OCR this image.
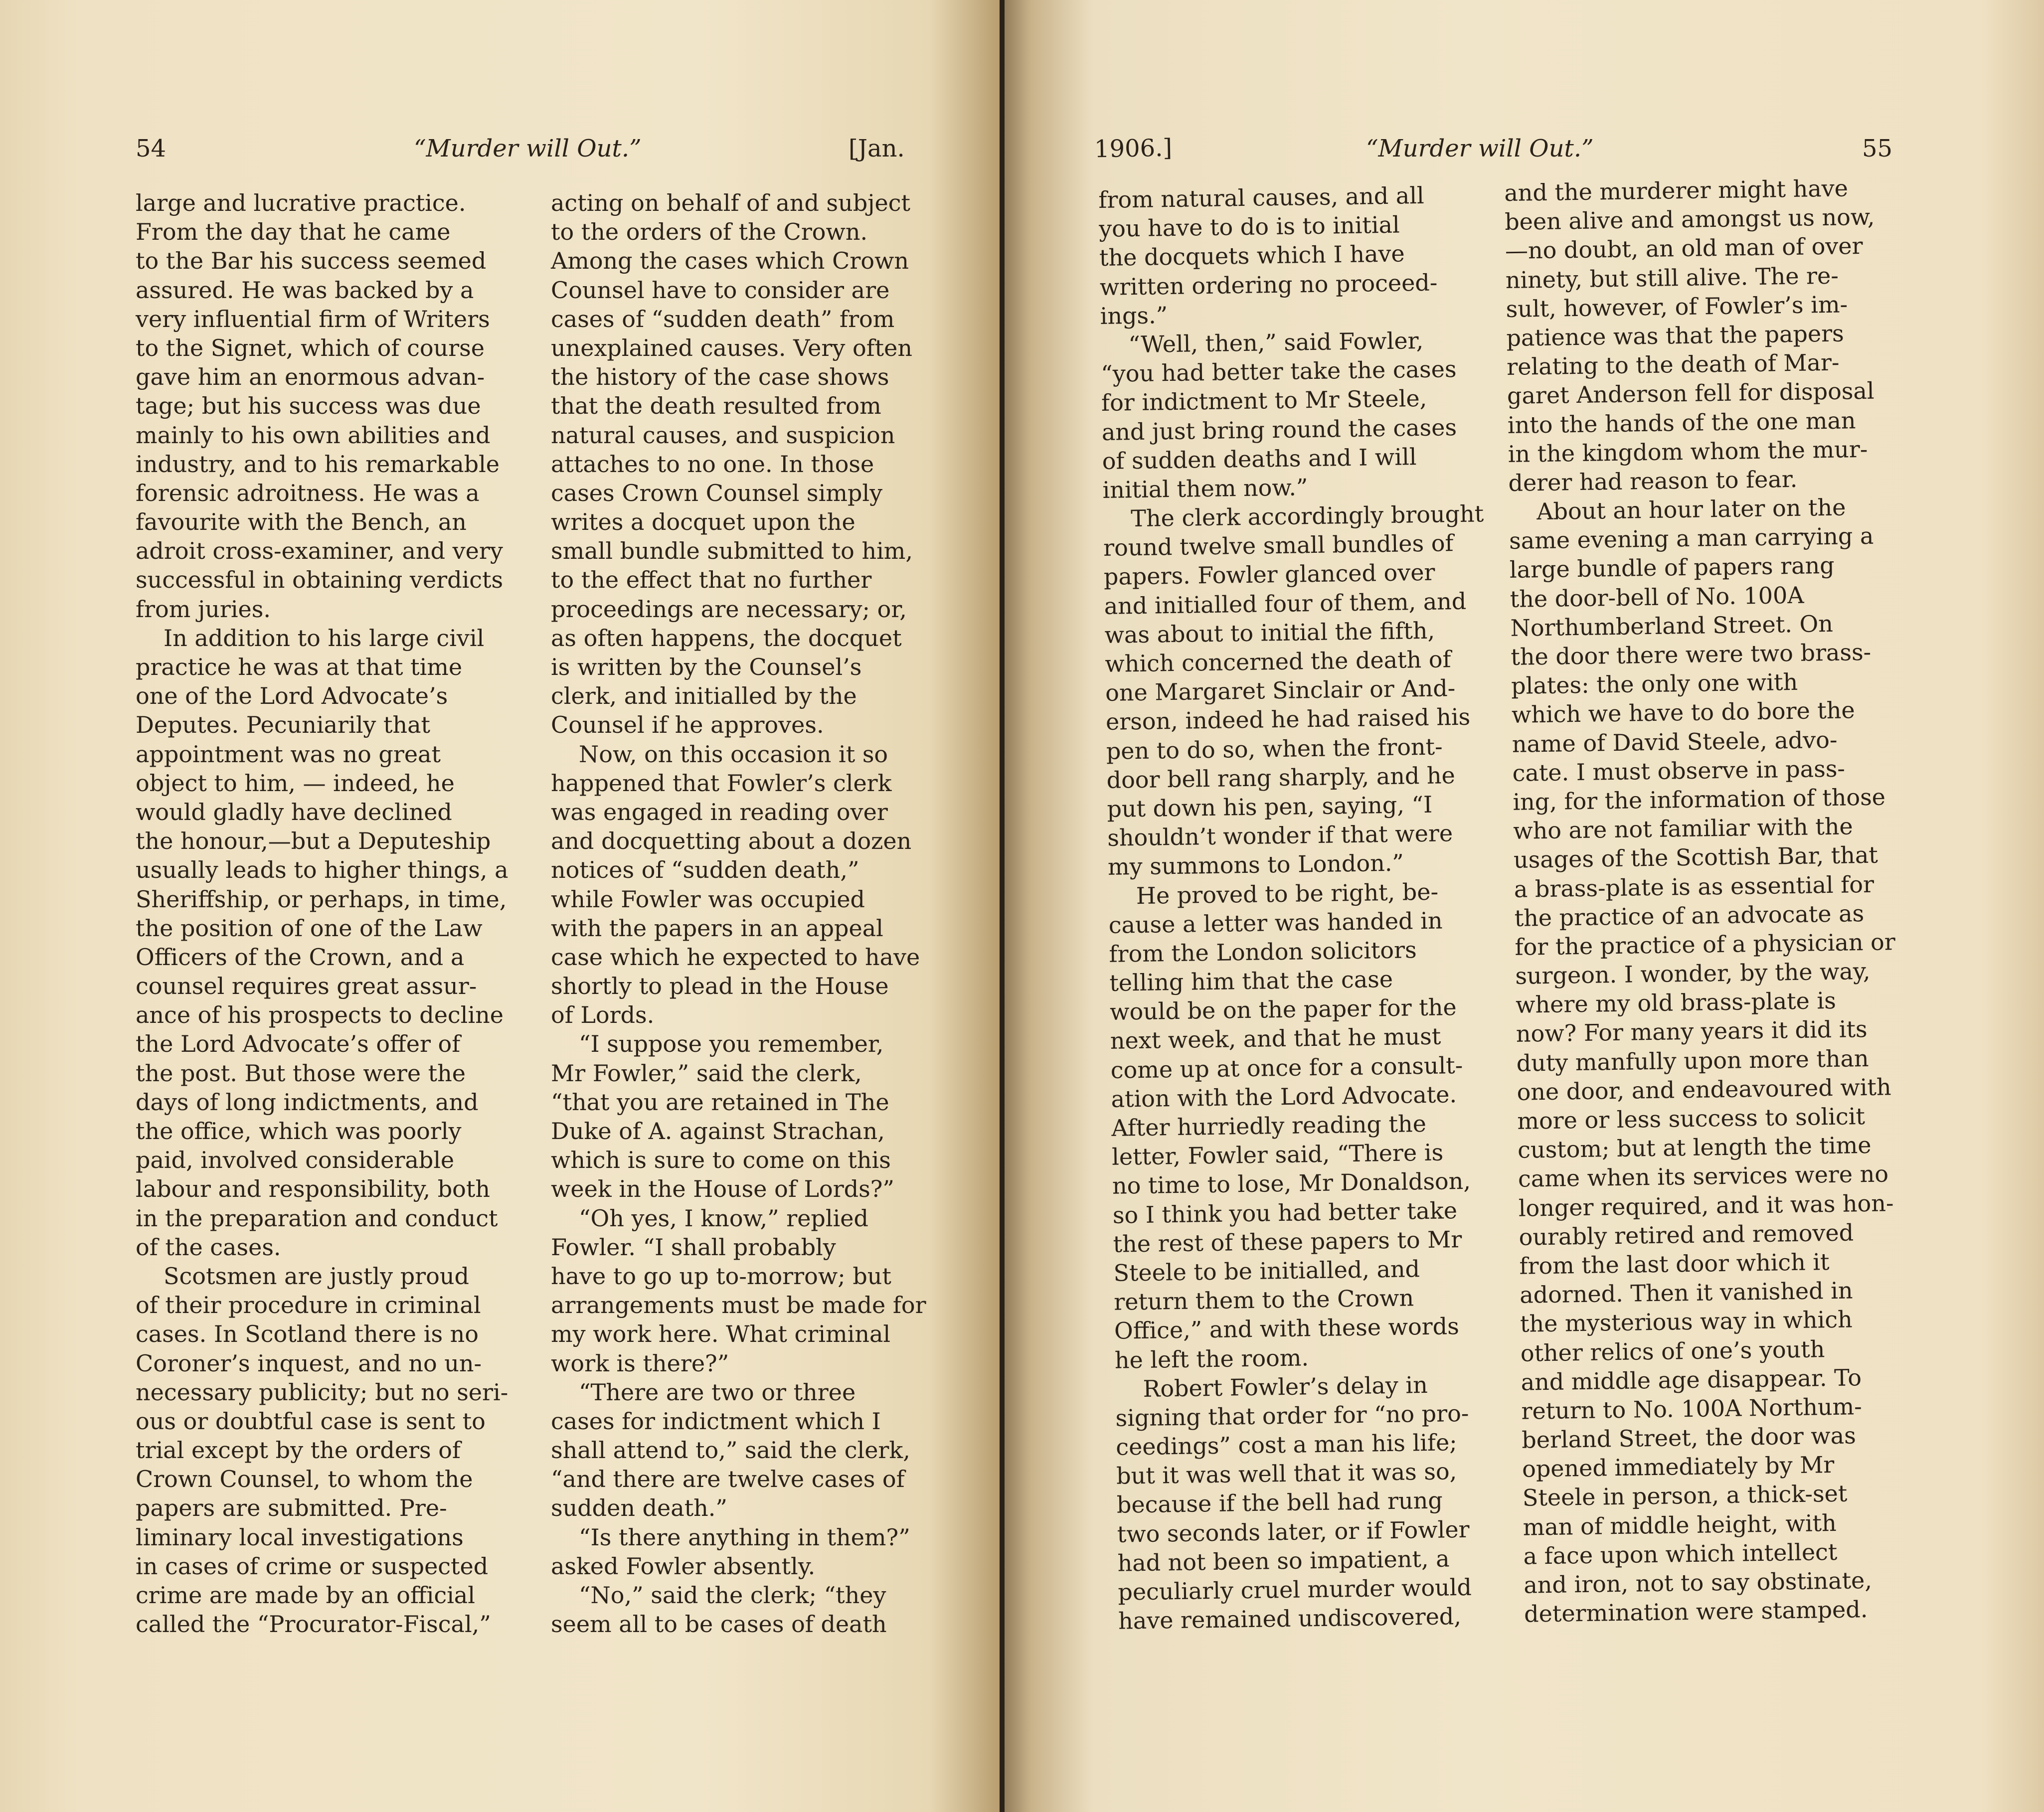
54	“Murder will Out.”	[Jan.
large and lucrative practice.
From the day that he came
to the Bar his success seemed
assured. He was backed by a
very influential firm of Writers
to the Signet, which of course
gave him an enormous advan-
tage; but his success was due
mainly to his own abilities and
industry, and to his remarkable
forensic adroitness. He was a
favourite with the Bench, an
adroit cross-examiner, and very
successful in obtaining verdicts
from juries.
In addition to his large civil
practice he was at that time
one of the Lord Advocate’s
Deputes. Pecuniarily that
appointment was no great
object to him, — indeed, he
would gladly have declined
the honour,—but a Deputeship
usually leads to higher things, a
Sheriffship, or perhaps, in time,
the position of one of the Law
Officers of the Crown, and a
counsel requires great assur-
ance of his prospects to decline
the Lord Advocate’s offer of
the post. But those were the
days of long indictments, and
the office, which was poorly
paid, involved considerable
labour and responsibility, both
in the preparation and conduct
of the cases.
Scotsmen are justly proud
of their procedure in criminal
cases. In Scotland there is no
Coroner’s inquest, and no un-
necessary publicity; but no seri-
ous or doubtful case is sent to
trial except by the orders of
Crown Counsel, to whom the
papers are submitted. Pre-
liminary local investigations
in cases of crime or suspected
crime are made by an official
called the “Procurator-Fiscal,”
acting on behalf of and subject
to the orders of the Crown.
Among the cases which Crown
Counsel have to consider are
cases of “sudden death” from
unexplained causes. Very often
the history of the case shows
that the death resulted from
natural causes, and suspicion
attaches to no one. In those
cases Crown Counsel simply
writes a docquet upon the
small bundle submitted to him,
to the effect that no further
proceedings are necessary; or,
as often happens, the docquet
is written by the Counsel’s
clerk, and initialled by the
Counsel if he approves.
Now, on this occasion it so
happened that Fowler’s clerk
was engaged in reading over
and docquetting about a dozen
notices of “sudden death,”
while Fowler was occupied
with the papers in an appeal
case which he expected to have
shortly to plead in the House
of Lords.
“I suppose you remember,
Mr Fowler,” said the clerk,
“that you are retained in The
Duke of A. against Strachan,
which is sure to come on this
week in the House of Lords?”
“Oh yes, I know,” replied
Fowler. “I shall probably
have to go up to-morrow; but
arrangements must be made for
my work here. What criminal
work is there?”
“There are two or three
cases for indictment which I
shall attend to,” said the clerk,
“and there are twelve cases of
sudden death.”
“Is there anything in them?”
asked Fowler absently.
“No,” said the clerk; “they
seem all to be cases of death
1906.]	“Murder will Out.”	55
from natural causes, and all
you have to do is to initial
the docquets which I have
written ordering no proceed-
ings.”
“Well, then,” said Fowler,
“you had better take the cases
for indictment to Mr Steele,
and just bring round the cases
of sudden deaths and I will
initial them now.”
The clerk accordingly brought
round twelve small bundles of
papers. Fowler glanced over
and initialled four of them, and
was about to initial the fifth,
which concerned the death of
one Margaret Sinclair or And-
erson, indeed he had raised his
pen to do so, when the front-
door bell rang sharply, and he
put down his pen, saying, “I
shouldn’t wonder if that were
my summons to London.”
He proved to be right, be-
cause a letter was handed in
from the London solicitors
telling him that the case
would be on the paper for the
next week, and that he must
come up at once for a consult-
ation with the Lord Advocate.
After hurriedly reading the
letter, Fowler said, “There is
no time to lose, Mr Donaldson,
so I think you had better take
the rest of these papers to Mr
Steele to be initialled, and
return them to the Crown
Office,” and with these words
he left the room.
Robert Fowler’s delay in
signing that order for “no pro-
ceedings” cost a man his life;
but it was well that it was so,
because if the bell had rung
two seconds later, or if Fowler
had not been so impatient, a
peculiarly cruel murder would
have remained undiscovered,
and the murderer might have
been alive and amongst us now,
—no doubt, an old man of over
ninety, but still alive. The re-
sult, however, of Fowler’s im-
patience was that the papers
relating to the death of Mar-
garet Anderson fell for disposal
into the hands of the one man
in the kingdom whom the mur-
derer had reason to fear.
About an hour later on the
same evening a man carrying a
large bundle of papers rang
the door-bell of No. 100A
Northumberland Street. On
the door there were two brass-
plates: the only one with
which we have to do bore the
name of David Steele, advo-
cate. I must observe in pass-
ing, for the information of those
who are not familiar with the
usages of the Scottish Bar, that
a brass-plate is as essential for
the practice of an advocate as
for the practice of a physician or
surgeon. I wonder, by the way,
where my old brass-plate is
now? For many years it did its
duty manfully upon more than
one door, and endeavoured with
more or less success to solicit
custom; but at length the time
came when its services were no
longer required, and it was hon-
ourably retired and removed
from the last door which it
adorned. Then it vanished in
the mysterious way in which
other relics of one’s youth
and middle age disappear. To
return to No. 100A Northum-
berland Street, the door was
opened immediately by Mr
Steele in person, a thick-set
man of middle height, with
a face upon which intellect
and iron, not to say obstinate,
determination were stamped.
